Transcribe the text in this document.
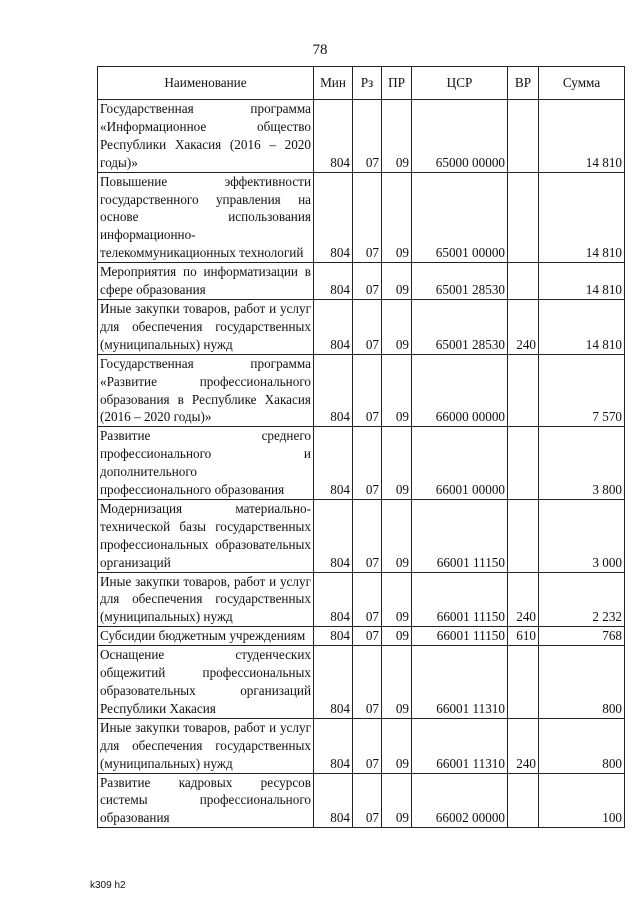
78
Наименование	Мин	Рз	ПР	ЦСР	ВР	Сумма
Государственная программа «Информационное общество Республики Хакасия (2016 – 2020 годы)»	804	07	09	65000 00000		14 810
Повышение эффективности государственного управления на основе использования информационно-телекоммуникационных технологий	804	07	09	65001 00000		14 810
Мероприятия по информатизации в сфере образования	804	07	09	65001 28530		14 810
Иные закупки товаров, работ и услуг для обеспечения государственных (муниципальных) нужд	804	07	09	65001 28530	240	14 810
Государственная программа «Развитие профессионального образования в Республике Хакасия (2016 – 2020 годы)»	804	07	09	66000 00000		7 570
Развитие среднего профессионального и дополнительного профессионального образования	804	07	09	66001 00000		3 800
Модернизация материально-технической базы государственных профессиональных образовательных организаций	804	07	09	66001 11150		3 000
Иные закупки товаров, работ и услуг для обеспечения государственных (муниципальных) нужд	804	07	09	66001 11150	240	2 232
Субсидии бюджетным учреждениям	804	07	09	66001 11150	610	768
Оснащение студенческих общежитий профессиональных образовательных организаций Республики Хакасия	804	07	09	66001 11310		800
Иные закупки товаров, работ и услуг для обеспечения государственных (муниципальных) нужд	804	07	09	66001 11310	240	800
Развитие кадровых ресурсов системы профессионального образования	804	07	09	66002 00000		100
k309 h2
